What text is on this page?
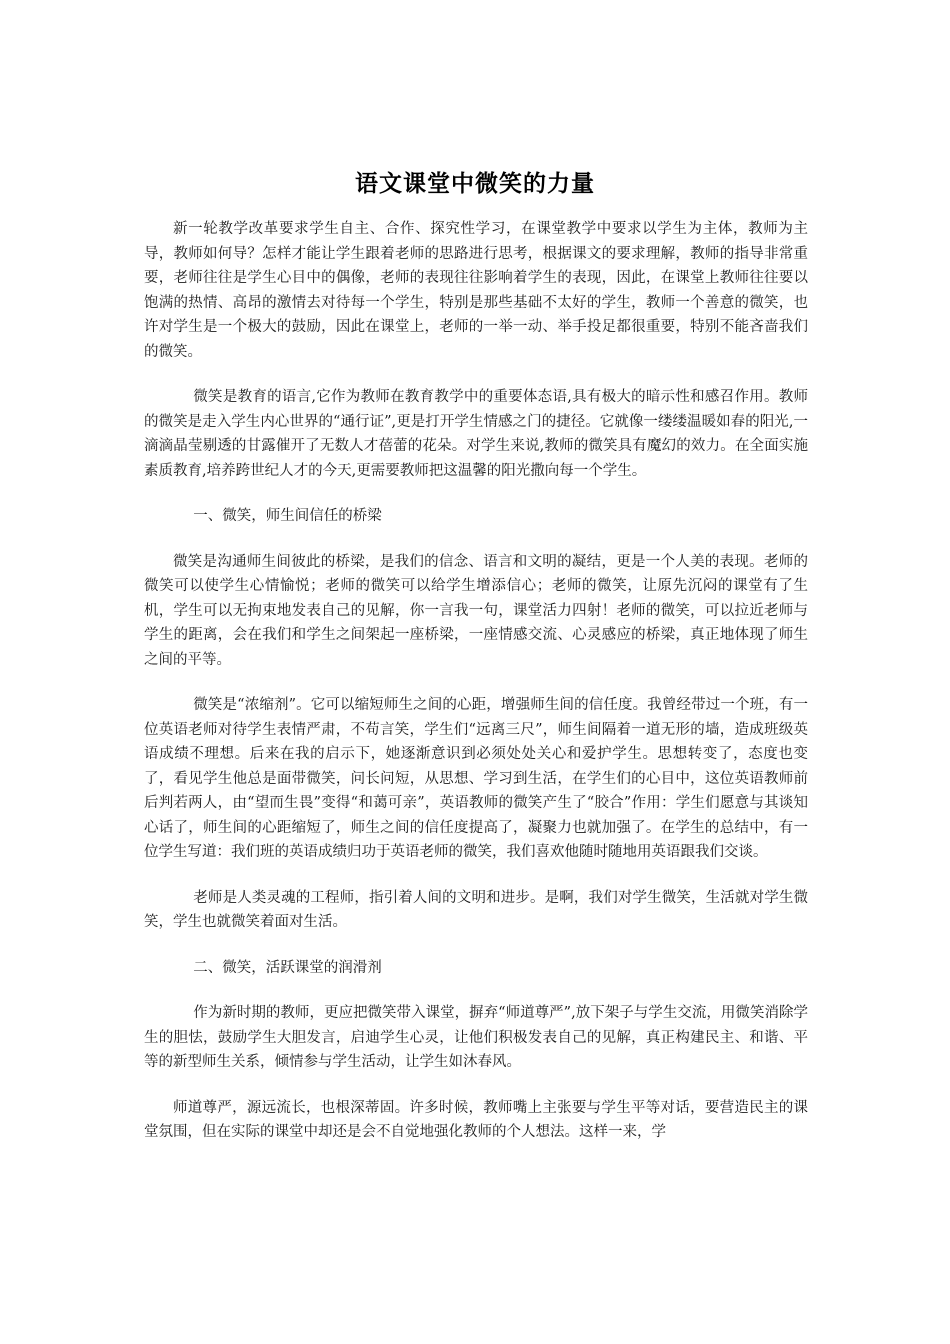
语文课堂中微笑的力量

新一轮教学改革要求学生自主、合作、探究性学习，在课堂教学中要求以学生为主体，教师为主导，教师如何导？怎样才能让学生跟着老师的思路进行思考，根据课文的要求理解，教师的指导非常重要，老师往往是学生心目中的偶像，老师的表现往往影响着学生的表现，因此，在课堂上教师往往要以饱满的热情、高昂的激情去对待每一个学生，特别是那些基础不太好的学生，教师一个善意的微笑，也许对学生是一个极大的鼓励，因此在课堂上，老师的一举一动、举手投足都很重要，特别不能吝啬我们的微笑。

微笑是教育的语言,它作为教师在教育教学中的重要体态语,具有极大的暗示性和感召作用。教师的微笑是走入学生内心世界的“通行证”,更是打开学生情感之门的捷径。它就像一缕缕温暖如春的阳光,一滴滴晶莹剔透的甘露催开了无数人才蓓蕾的花朵。对学生来说,教师的微笑具有魔幻的效力。在全面实施素质教育,培养跨世纪人才的今天,更需要教师把这温馨的阳光撒向每一个学生。

一、微笑，师生间信任的桥梁

微笑是沟通师生间彼此的桥梁，是我们的信念、语言和文明的凝结，更是一个人美的表现。老师的微笑可以使学生心情愉悦；老师的微笑可以给学生增添信心；老师的微笑，让原先沉闷的课堂有了生机，学生可以无拘束地发表自己的见解，你一言我一句，课堂活力四射！老师的微笑，可以拉近老师与学生的距离，会在我们和学生之间架起一座桥梁，一座情感交流、心灵感应的桥梁，真正地体现了师生之间的平等。

微笑是“浓缩剂”。它可以缩短师生之间的心距，增强师生间的信任度。我曾经带过一个班，有一位英语老师对待学生表情严肃，不苟言笑，学生们“远离三尺”，师生间隔着一道无形的墙，造成班级英语成绩不理想。后来在我的启示下，她逐渐意识到必须处处关心和爱护学生。思想转变了，态度也变了，看见学生他总是面带微笑，问长问短，从思想、学习到生活，在学生们的心目中，这位英语教师前后判若两人，由“望而生畏”变得“和蔼可亲”，英语教师的微笑产生了“胶合”作用：学生们愿意与其谈知心话了，师生间的心距缩短了，师生之间的信任度提高了，凝聚力也就加强了。在学生的总结中，有一位学生写道：我们班的英语成绩归功于英语老师的微笑，我们喜欢他随时随地用英语跟我们交谈。

老师是人类灵魂的工程师，指引着人间的文明和进步。是啊，我们对学生微笑，生活就对学生微笑，学生也就微笑着面对生活。

二、微笑，活跃课堂的润滑剂

作为新时期的教师，更应把微笑带入课堂，摒弃“师道尊严”,放下架子与学生交流，用微笑消除学生的胆怯，鼓励学生大胆发言，启迪学生心灵，让他们积极发表自己的见解，真正构建民主、和谐、平等的新型师生关系，倾情参与学生活动，让学生如沐春风。

师道尊严，源远流长，也根深蒂固。许多时候，教师嘴上主张要与学生平等对话，要营造民主的课堂氛围，但在实际的课堂中却还是会不自觉地强化教师的个人想法。这样一来，学
